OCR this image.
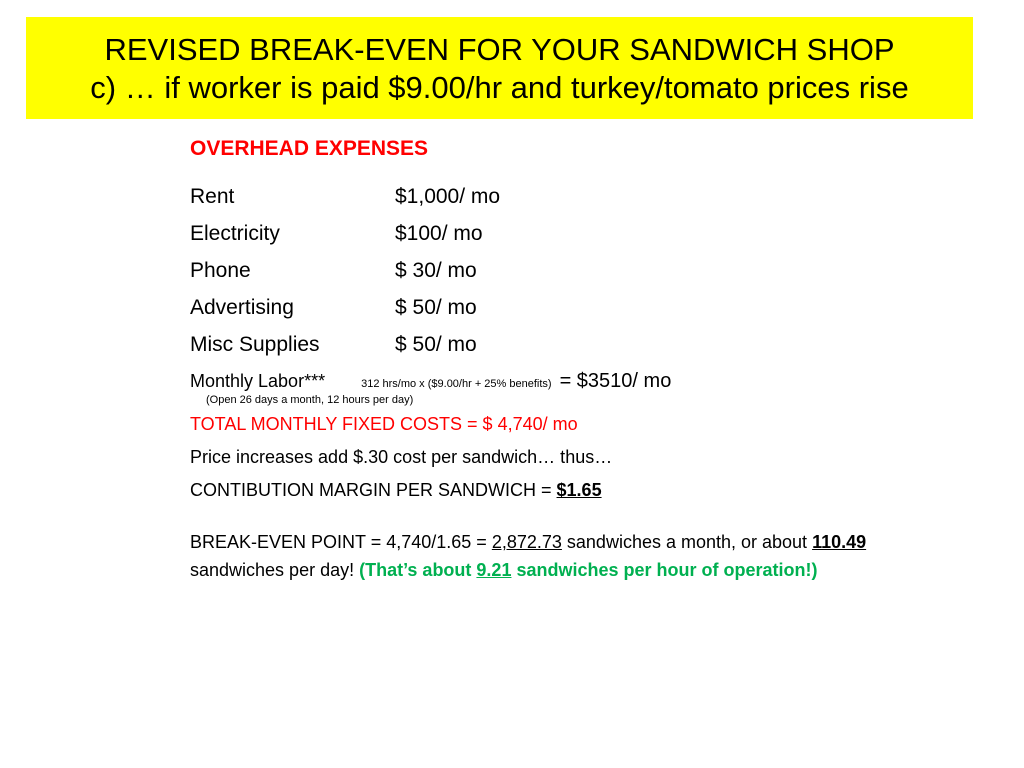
REVISED BREAK-EVEN FOR YOUR SANDWICH SHOP
c) … if worker is paid $9.00/hr and turkey/tomato prices rise
OVERHEAD EXPENSES
Rent	$1,000/ mo
Electricity	$100/ mo
Phone	$ 30/ mo
Advertising	$ 50/ mo
Misc Supplies	$ 50/ mo
Monthly Labor***	312 hrs/mo x ($9.00/hr + 25% benefits) = $3510/ mo
(Open 26 days a month, 12 hours per day)
TOTAL MONTHLY FIXED COSTS = $ 4,740/ mo
Price increases add $.30 cost per sandwich… thus…
CONTIBUTION MARGIN PER SANDWICH = $1.65
BREAK-EVEN POINT = 4,740/1.65 = 2,872.73 sandwiches a month, or about 110.49 sandwiches per day! (That’s about 9.21 sandwiches per hour of operation!)
